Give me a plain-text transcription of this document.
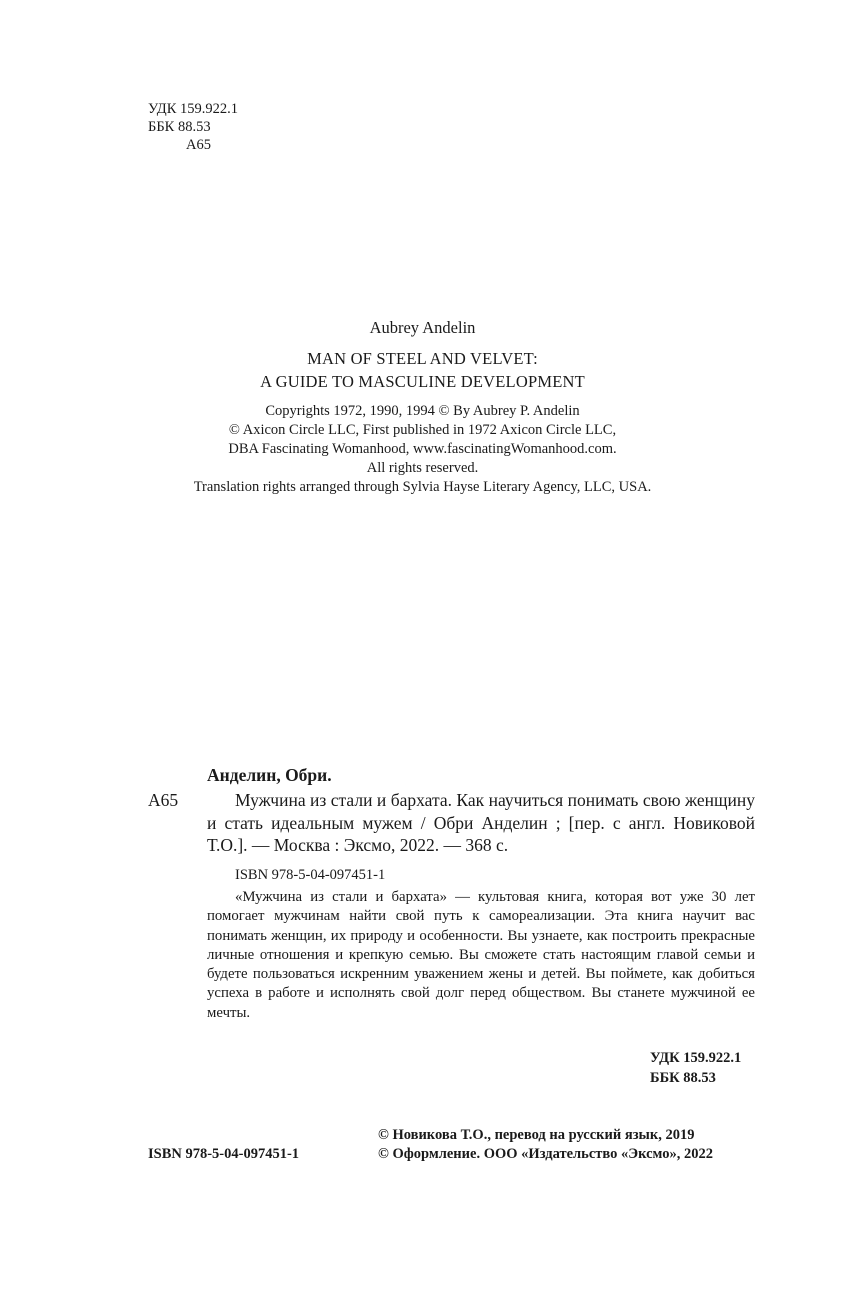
УДК 159.922.1
ББК 88.53
А65
Aubrey Andelin
MAN OF STEEL AND VELVET:
A GUIDE TO MASCULINE DEVELOPMENT
Copyrights 1972, 1990, 1994 © By Aubrey P. Andelin
© Axicon Circle LLC, First published in 1972 Axicon Circle LLC,
DBA Fascinating Womanhood, www.fascinatingWomanhood.com.
All rights reserved.
Translation rights arranged through Sylvia Hayse Literary Agency, LLC, USA.
Анделин, Обри.
А65	Мужчина из стали и бархата. Как научиться понимать свою женщину и стать идеальным мужем / Обри Анделин ; [пер. с англ. Новиковой Т.О.]. — Москва : Эксмо, 2022. — 368 с.
ISBN 978-5-04-097451-1
«Мужчина из стали и бархата» — культовая книга, которая вот уже 30 лет помогает мужчинам найти свой путь к самореализации. Эта книга научит вас понимать женщин, их природу и особенности. Вы узнаете, как построить прекрасные личные отношения и крепкую семью. Вы сможете стать настоящим главой семьи и будете пользоваться искренним уважением жены и детей. Вы поймете, как добиться успеха в работе и исполнять свой долг перед обществом. Вы станете мужчиной ее мечты.
УДК 159.922.1
ББК 88.53
ISBN 978-5-04-097451-1
© Новикова Т.О., перевод на русский язык, 2019
© Оформление. ООО «Издательство «Эксмо», 2022
